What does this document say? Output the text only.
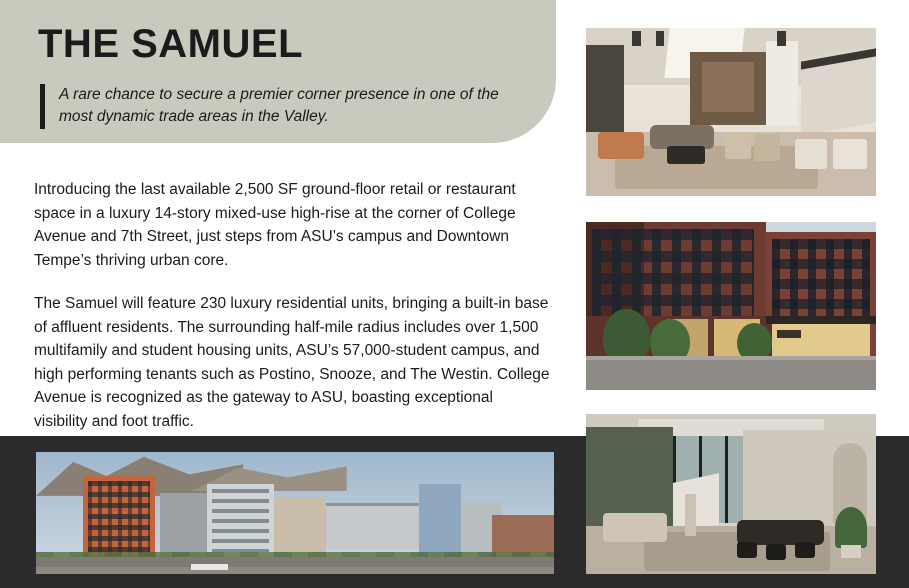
THE SAMUEL
A rare chance to secure a premier corner presence in one of the most dynamic trade areas in the Valley.

Introducing the last available 2,500 SF ground-floor retail or restaurant space in a luxury 14-story mixed-use high-rise at the corner of College Avenue and 7th Street, just steps from ASU’s campus and Downtown Tempe’s thriving urban core.

The Samuel will feature 230 luxury residential units, bringing a built-in base of affluent residents. The surrounding half-mile radius includes over 1,500 multifamily and student housing units, ASU’s 57,000-student campus, and high performing tenants such as Postino, Snooze, and The Westin. College Avenue is recognized as the gateway to ASU, boasting exceptional visibility and foot traffic.
